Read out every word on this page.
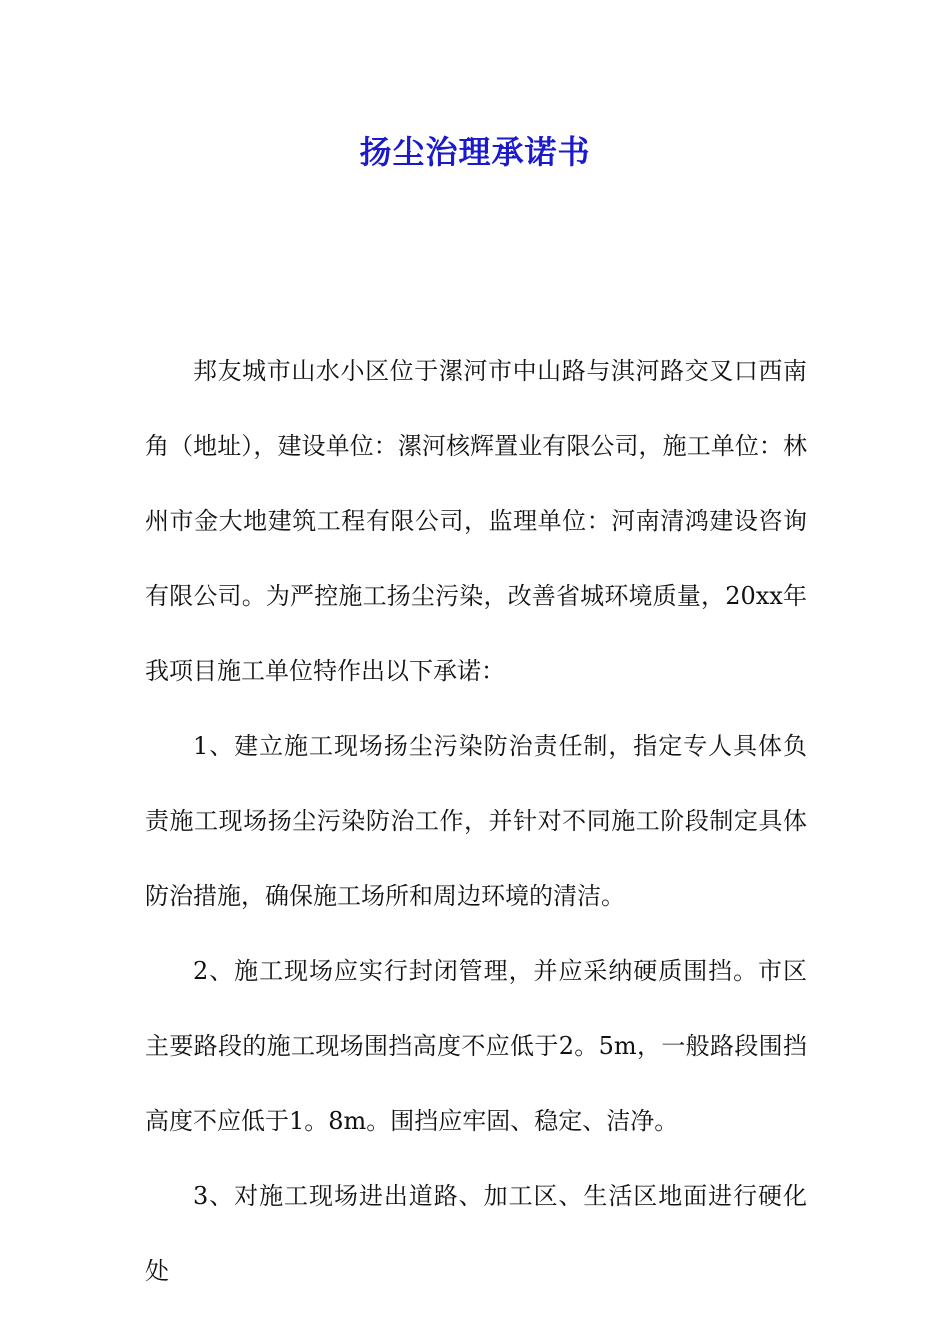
扬尘治理承诺书

邦友城市山水小区位于漯河市中山路与淇河路交叉口西南角（地址），建设单位：漯河核辉置业有限公司，施工单位：林州市金大地建筑工程有限公司，监理单位：河南清鸿建设咨询有限公司。为严控施工扬尘污染，改善省城环境质量，20xx年我项目施工单位特作出以下承诺：

1、建立施工现场扬尘污染防治责任制，指定专人具体负责施工现场扬尘污染防治工作，并针对不同施工阶段制定具体防治措施，确保施工场所和周边环境的清洁。

2、施工现场应实行封闭管理，并应采纳硬质围挡。市区主要路段的施工现场围挡高度不应低于2。5m，一般路段围挡高度不应低于1。8m。围挡应牢固、稳定、洁净。

3、对施工现场进出道路、加工区、生活区地面进行硬化处
